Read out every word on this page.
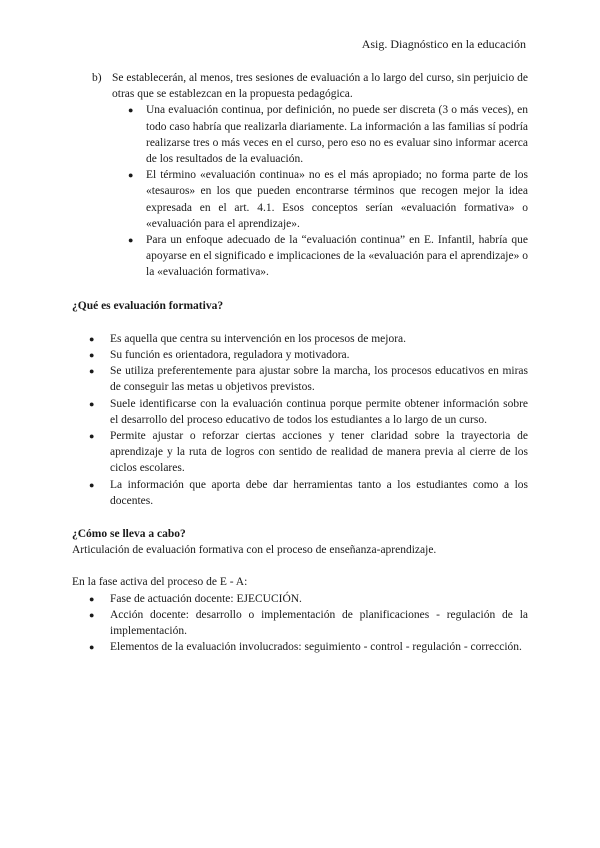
Asig. Diagnóstico en la educación
b) Se establecerán, al menos, tres sesiones de evaluación a lo largo del curso, sin perjuicio de otras que se establezcan en la propuesta pedagógica.
● Una evaluación continua, por definición, no puede ser discreta (3 o más veces), en todo caso habría que realizarla diariamente. La información a las familias sí podría realizarse tres o más veces en el curso, pero eso no es evaluar sino informar acerca de los resultados de la evaluación.
● El término «evaluación continua» no es el más apropiado; no forma parte de los «tesauros» en los que pueden encontrarse términos que recogen mejor la idea expresada en el art. 4.1. Esos conceptos serían «evaluación formativa» o «evaluación para el aprendizaje».
● Para un enfoque adecuado de la “evaluación continua” en E. Infantil, habría que apoyarse en el significado e implicaciones de la «evaluación para el aprendizaje» o la «evaluación formativa».
¿Qué es evaluación formativa?
● Es aquella que centra su intervención en los procesos de mejora.
● Su función es orientadora, reguladora y motivadora.
● Se utiliza preferentemente para ajustar sobre la marcha, los procesos educativos en miras de conseguir las metas u objetivos previstos.
● Suele identificarse con la evaluación continua porque permite obtener información sobre el desarrollo del proceso educativo de todos los estudiantes a lo largo de un curso.
● Permite ajustar o reforzar ciertas acciones y tener claridad sobre la trayectoria de aprendizaje y la ruta de logros con sentido de realidad de manera previa al cierre de los ciclos escolares.
● La información que aporta debe dar herramientas tanto a los estudiantes como a los docentes.
¿Cómo se lleva a cabo?
Articulación de evaluación formativa con el proceso de enseñanza-aprendizaje.
En la fase activa del proceso de E - A:
● Fase de actuación docente: EJECUCIÓN.
● Acción docente: desarrollo o implementación de planificaciones - regulación de la implementación.
● Elementos de la evaluación involucrados: seguimiento - control - regulación - corrección.
